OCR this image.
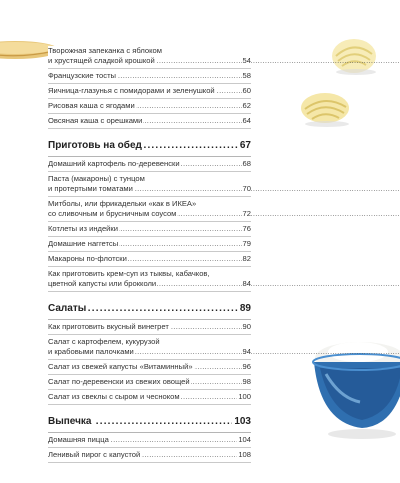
Творожная запеканка с яблоком
и хрустящей сладкой крошкой
.....	54
Французские тосты .....	58
Яичница-глазунья с помидорами и зеленушкой .....	60
Рисовая каша с ягодами .....	62
Овсяная каша с орешками .....	64
Приготовь на обед .....	67
Домашний картофель по-деревенски .....	68
Паста (макароны) с тунцом
и протертыми томатами
.....	70
Митболы, или фрикадельки «как в ИКЕА»
со сливочным и брусничным соусом
.....	72
Котлеты из индейки .....	76
Домашние наггетсы .....	79
Макароны по-флотски .....	82
Как приготовить крем-суп из тыквы, кабачков,
цветной капусты или брокколи
.....	84
Салаты .....	89
Как приготовить вкусный винегрет .....	90
Салат с картофелем, кукурузой
и крабовыми палочками
.....	94
Салат из свежей капусты «Витаминный» .....	96
Салат по-деревенски из свежих овощей .....	98
Салат из свеклы с сыром и чесноком .....	100
Выпечка .....	103
Домашняя пицца .....	104
Ленивый пирог с капустой .....	108
